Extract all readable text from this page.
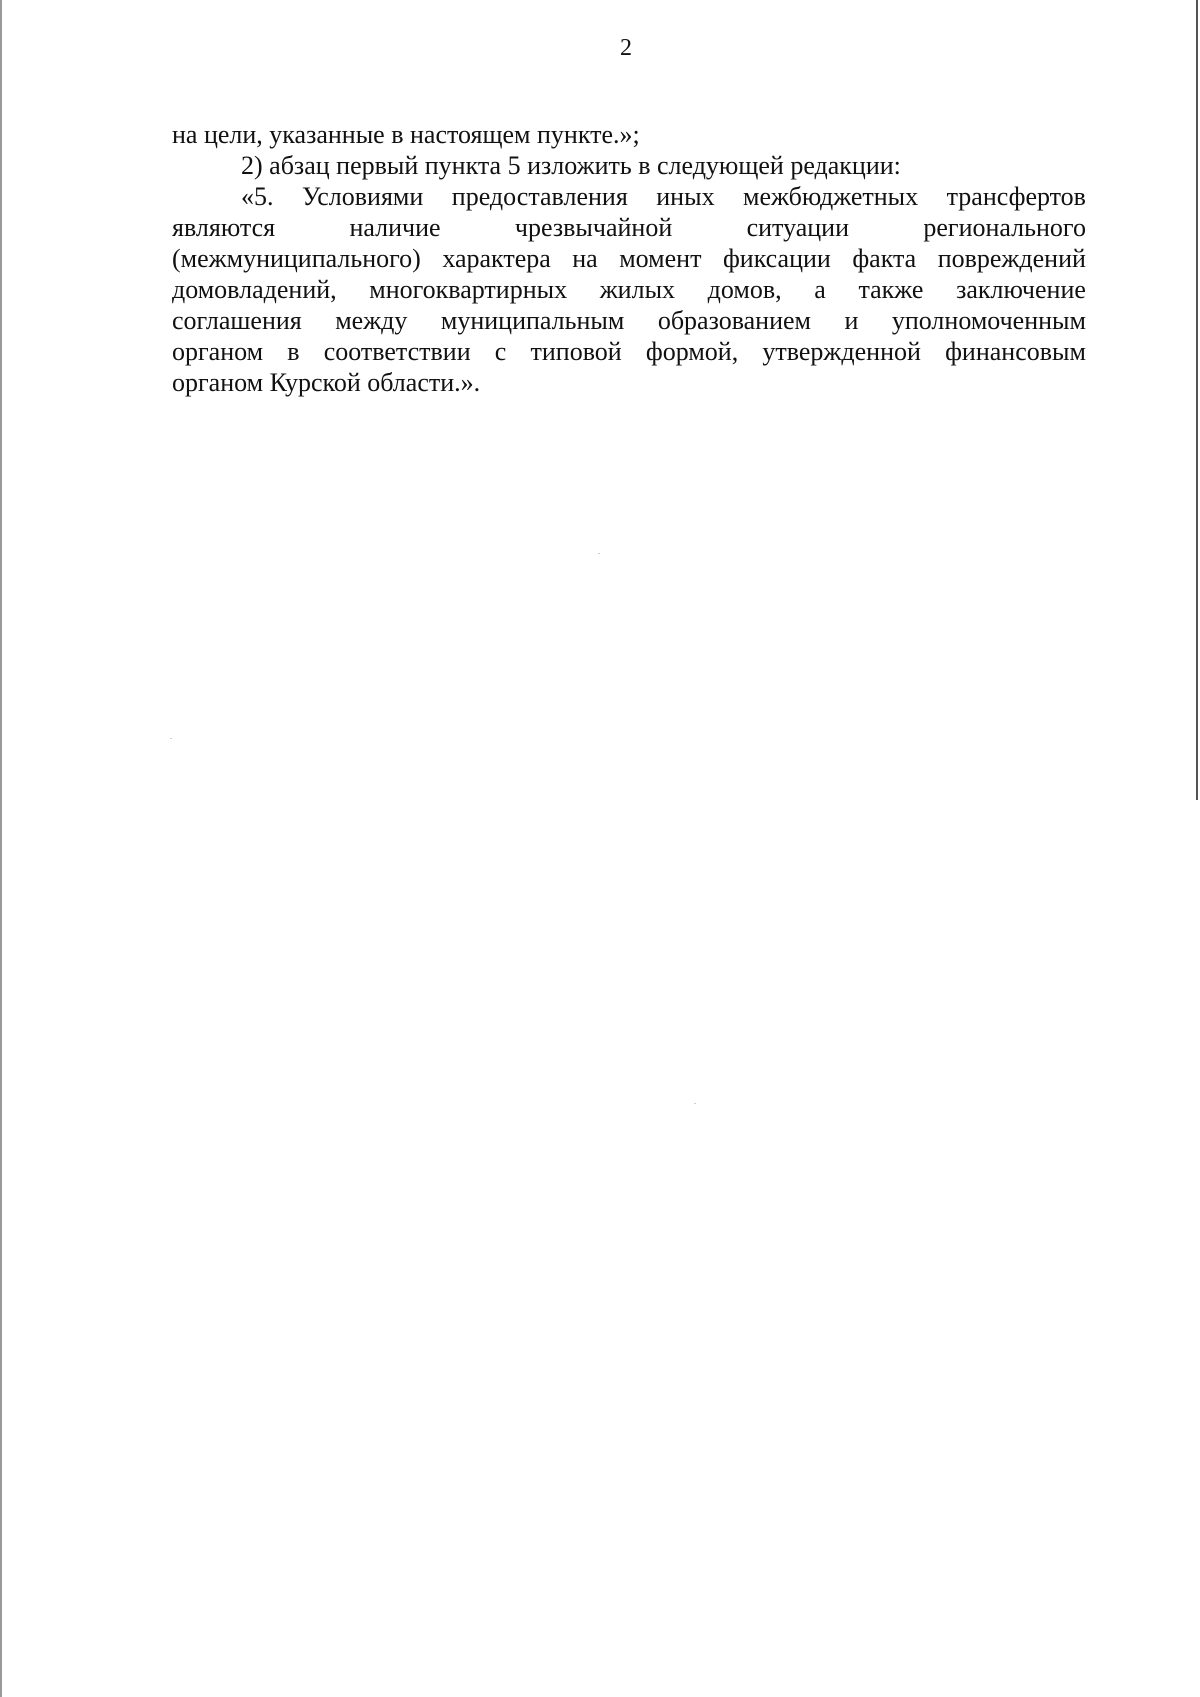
2

на цели, указанные в настоящем пункте.»;

2) абзац первый пункта 5 изложить в следующей редакции:

«5. Условиями предоставления иных межбюджетных трансфертов
являются	наличие	чрезвычайной	ситуации	регионального
(межмуниципального) характера на момент фиксации факта повреждений
домовладений, многоквартирных жилых домов, а также заключение
соглашения между муниципальным образованием и уполномоченным
органом в соответствии с типовой формой, утвержденной финансовым
органом Курской области.».
